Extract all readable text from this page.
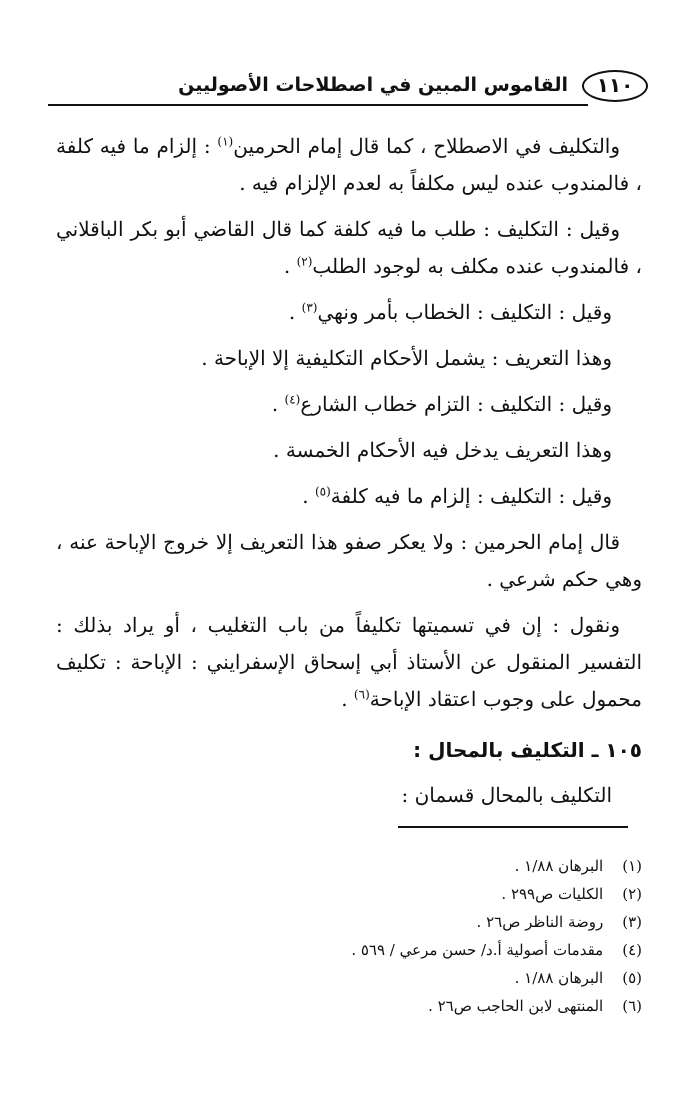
١١٠
القاموس المبين في اصطلاحات الأصوليين

والتكليف في الاصطلاح ، كما قال إمام الحرمين$^{(١)}$ : إلزام ما فيه كلفة ، فالمندوب عنده ليس مكلفاً به لعدم الإلزام فيه .

وقيل : التكليف : طلب ما فيه كلفة كما قال القاضي أبو بكر الباقلاني ، فالمندوب عنده مكلف به لوجود الطلب$^{(٢)}$ .

وقيل : التكليف : الخطاب بأمر ونهي$^{(٣)}$ .

وهذا التعريف : يشمل الأحكام التكليفية إلا الإباحة .

وقيل : التكليف : التزام خطاب الشارع$^{(٤)}$ .

وهذا التعريف يدخل فيه الأحكام الخمسة .

وقيل : التكليف : إلزام ما فيه كلفة$^{(٥)}$ .

قال إمام الحرمين : ولا يعكر صفو هذا التعريف إلا خروج الإباحة عنه ، وهي حكم شرعي .

ونقول : إن في تسميتها تكليفاً من باب التغليب ، أو يراد بذلك : التفسير المنقول عن الأستاذ أبي إسحاق الإسفرايني : الإباحة : تكليف محمول على وجوب اعتقاد الإباحة$^{(٦)}$ .

١٠٥ ـ التكليف بالمحال :

التكليف بالمحال قسمان :

(١) البرهان ١/٨٨ .
(٢) الكليات ص٢٩٩ .
(٣) روضة الناظر ص٢٦ .
(٤) مقدمات أصولية أ.د/ حسن مرعي / ٥٦٩ .
(٥) البرهان ١/٨٨ .
(٦) المنتهى لابن الحاجب ص٢٦ .
